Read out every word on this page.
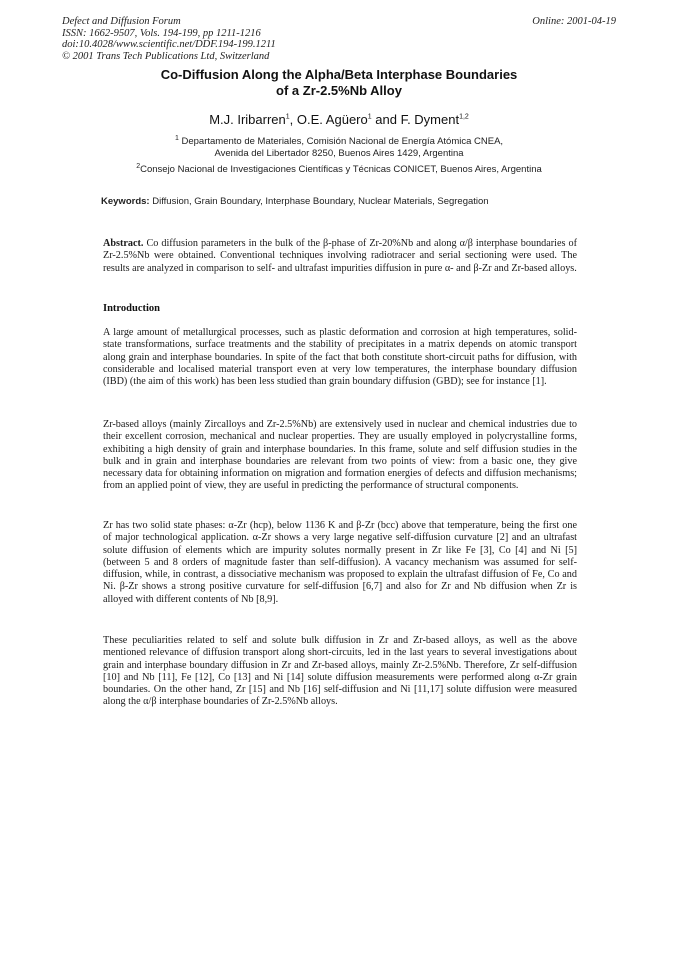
Defect and Diffusion Forum
ISSN: 1662-9507, Vols. 194-199, pp 1211-1216
doi:10.4028/www.scientific.net/DDF.194-199.1211
© 2001 Trans Tech Publications Ltd, Switzerland
Online: 2001-04-19
Co-Diffusion Along the Alpha/Beta Interphase Boundaries
of a Zr-2.5%Nb Alloy
M.J. Iribarren$^1$, O.E. Agüero$^1$ and F. Dyment$^{1,2}$
$^1$ Departamento de Materiales, Comisión Nacional de Energía Atómica CNEA,
Avenida del Libertador 8250, Buenos Aires 1429, Argentina
$^2$Consejo Nacional de Investigaciones Científicas y Técnicas CONICET, Buenos Aires, Argentina
Keywords: Diffusion, Grain Boundary, Interphase Boundary, Nuclear Materials, Segregation
Abstract. Co diffusion parameters in the bulk of the β-phase of Zr-20%Nb and along α/β interphase boundaries of Zr-2.5%Nb were obtained. Conventional techniques involving radiotracer and serial sectioning were used. The results are analyzed in comparison to self- and ultrafast impurities diffusion in pure α- and β-Zr and Zr-based alloys.
Introduction
A large amount of metallurgical processes, such as plastic deformation and corrosion at high temperatures, solid-state transformations, surface treatments and the stability of precipitates in a matrix depends on atomic transport along grain and interphase boundaries. In spite of the fact that both constitute short-circuit paths for diffusion, with considerable and localised material transport even at very low temperatures, the interphase boundary diffusion (IBD) (the aim of this work) has been less studied than grain boundary diffusion (GBD); see for instance [1].
Zr-based alloys (mainly Zircalloys and Zr-2.5%Nb) are extensively used in nuclear and chemical industries due to their excellent corrosion, mechanical and nuclear properties. They are usually employed in polycrystalline forms, exhibiting a high density of grain and interphase boundaries. In this frame, solute and self diffusion studies in the bulk and in grain and interphase boundaries are relevant from two points of view: from a basic one, they give necessary data for obtaining information on migration and formation energies of defects and diffusion mechanisms; from an applied point of view, they are useful in predicting the performance of structural components.
Zr has two solid state phases: α-Zr (hcp), below 1136 K and β-Zr (bcc) above that temperature, being the first one of major technological application. α-Zr shows a very large negative self-diffusion curvature [2] and an ultrafast solute diffusion of elements which are impurity solutes normally present in Zr like Fe [3], Co [4] and Ni [5] (between 5 and 8 orders of magnitude faster than self-diffusion). A vacancy mechanism was assumed for self-diffusion, while, in contrast, a dissociative mechanism was proposed to explain the ultrafast diffusion of Fe, Co and Ni. β-Zr shows a strong positive curvature for self-diffusion [6,7] and also for Zr and Nb diffusion when Zr is alloyed with different contents of Nb [8,9].
These peculiarities related to self and solute bulk diffusion in Zr and Zr-based alloys, as well as the above mentioned relevance of diffusion transport along short-circuits, led in the last years to several investigations about grain and interphase boundary diffusion in Zr and Zr-based alloys, mainly Zr-2.5%Nb. Therefore, Zr self-diffusion [10] and Nb [11], Fe [12], Co [13] and Ni [14] solute diffusion measurements were performed along α-Zr grain boundaries. On the other hand, Zr [15] and Nb [16] self-diffusion and Ni [11,17] solute diffusion were measured along the α/β interphase boundaries of Zr-2.5%Nb alloys.
